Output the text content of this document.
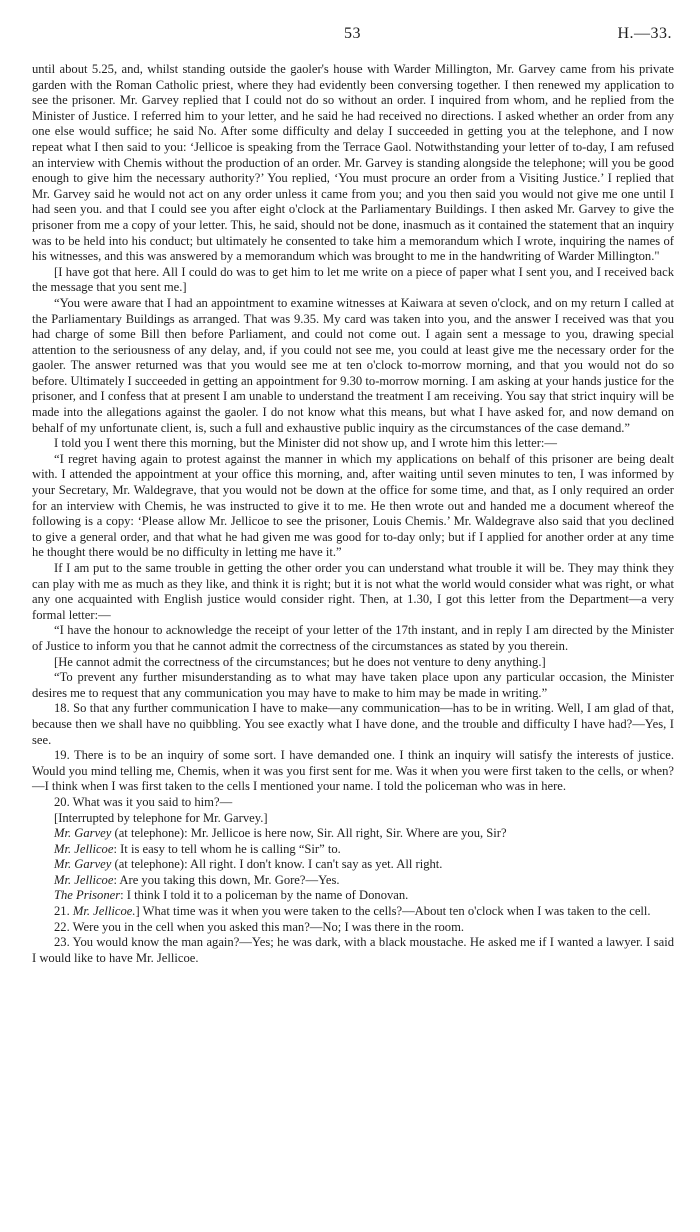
53	H.—33.

until about 5.25, and, whilst standing outside the gaoler's house with Warder Millington, Mr. Garvey came from his private garden with the Roman Catholic priest, where they had evidently been conversing together. I then renewed my application to see the prisoner. Mr. Garvey replied that I could not do so without an order. I inquired from whom, and he replied from the Minister of Justice. I referred him to your letter, and he said he had received no directions. I asked whether an order from any one else would suffice; he said No. After some difficulty and delay I succeeded in getting you at the telephone, and I now repeat what I then said to you: ‘Jellicoe is speaking from the Terrace Gaol. Notwithstanding your letter of to-day, I am refused an interview with Chemis without the production of an order. Mr. Garvey is standing alongside the telephone; will you be good enough to give him the necessary authority?’ You replied, ‘You must procure an order from a Visiting Justice.’ I replied that Mr. Garvey said he would not act on any order unless it came from you; and you then said you would not give me one until I had seen you. and that I could see you after eight o'clock at the Parliamentary Buildings. I then asked Mr. Garvey to give the prisoner from me a copy of your letter. This, he said, should not be done, inasmuch as it contained the statement that an inquiry was to be held into his conduct; but ultimately he consented to take him a memorandum which I wrote, inquiring the names of his witnesses, and this was answered by a memorandum which was brought to me in the handwriting of Warder Millington."

[I have got that here. All I could do was to get him to let me write on a piece of paper what I sent you, and I received back the message that you sent me.]

“You were aware that I had an appointment to examine witnesses at Kaiwara at seven o'clock, and on my return I called at the Parliamentary Buildings as arranged. That was 9.35. My card was taken into you, and the answer I received was that you had charge of some Bill then before Parliament, and could not come out. I again sent a message to you, drawing special attention to the seriousness of any delay, and, if you could not see me, you could at least give me the necessary order for the gaoler. The answer returned was that you would see me at ten o'clock to-morrow morning, and that you would not do so before. Ultimately I succeeded in getting an appointment for 9.30 to-morrow morning. I am asking at your hands justice for the prisoner, and I confess that at present I am unable to understand the treatment I am receiving. You say that strict inquiry will be made into the allegations against the gaoler. I do not know what this means, but what I have asked for, and now demand on behalf of my unfortunate client, is, such a full and exhaustive public inquiry as the circumstances of the case demand.”

I told you I went there this morning, but the Minister did not show up, and I wrote him this letter:—

“I regret having again to protest against the manner in which my applications on behalf of this prisoner are being dealt with. I attended the appointment at your office this morning, and, after waiting until seven minutes to ten, I was informed by your Secretary, Mr. Waldegrave, that you would not be down at the office for some time, and that, as I only required an order for an interview with Chemis, he was instructed to give it to me. He then wrote out and handed me a document whereof the following is a copy: ‘Please allow Mr. Jellicoe to see the prisoner, Louis Chemis.’ Mr. Waldegrave also said that you declined to give a general order, and that what he had given me was good for to-day only; but if I applied for another order at any time he thought there would be no difficulty in letting me have it.”

If I am put to the same trouble in getting the other order you can understand what trouble it will be. They may think they can play with me as much as they like, and think it is right; but it is not what the world would consider what was right, or what any one acquainted with English justice would consider right. Then, at 1.30, I got this letter from the Department—a very formal letter:—

“I have the honour to acknowledge the receipt of your letter of the 17th instant, and in reply I am directed by the Minister of Justice to inform you that he cannot admit the correctness of the circumstances as stated by you therein.

[He cannot admit the correctness of the circumstances; but he does not venture to deny anything.]

“To prevent any further misunderstanding as to what may have taken place upon any particular occasion, the Minister desires me to request that any communication you may have to make to him may be made in writing.”

18. So that any further communication I have to make—any communication—has to be in writing. Well, I am glad of that, because then we shall have no quibbling. You see exactly what I have done, and the trouble and difficulty I have had?—Yes, I see.

19. There is to be an inquiry of some sort. I have demanded one. I think an inquiry will satisfy the interests of justice. Would you mind telling me, Chemis, when it was you first sent for me. Was it when you were first taken to the cells, or when?—I think when I was first taken to the cells I mentioned your name. I told the policeman who was in here.

20. What was it you said to him?—

[Interrupted by telephone for Mr. Garvey.]

Mr. Garvey (at telephone): Mr. Jellicoe is here now, Sir. All right, Sir. Where are you, Sir?

Mr. Jellicoe: It is easy to tell whom he is calling “Sir” to.

Mr. Garvey (at telephone): All right. I don't know. I can't say as yet. All right.

Mr. Jellicoe: Are you taking this down, Mr. Gore?—Yes.

The Prisoner: I think I told it to a policeman by the name of Donovan.

21. Mr. Jellicoe.] What time was it when you were taken to the cells?—About ten o'clock when I was taken to the cell.

22. Were you in the cell when you asked this man?—No; I was there in the room.

23. You would know the man again?—Yes; he was dark, with a black moustache. He asked me if I wanted a lawyer. I said I would like to have Mr. Jellicoe.
